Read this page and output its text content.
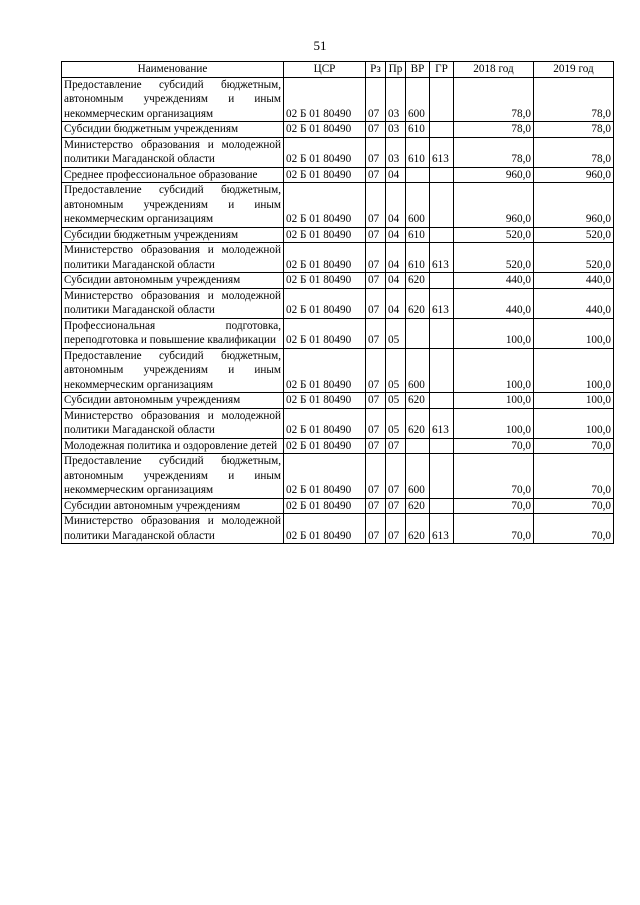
51
Наименование	ЦСР	Рз	Пр	ВР	ГР	2018 год	2019 год
Предоставление субсидий бюджетным, автономным учреждениям и иным некоммерческим организациям	02 Б 01 80490	07	03	600		78,0	78,0
Субсидии бюджетным учреждениям	02 Б 01 80490	07	03	610		78,0	78,0
Министерство образования и молодежной политики Магаданской области	02 Б 01 80490	07	03	610	613	78,0	78,0
Среднее профессиональное образование	02 Б 01 80490	07	04			960,0	960,0
Предоставление субсидий бюджетным, автономным учреждениям и иным некоммерческим организациям	02 Б 01 80490	07	04	600		960,0	960,0
Субсидии бюджетным учреждениям	02 Б 01 80490	07	04	610		520,0	520,0
Министерство образования и молодежной политики Магаданской области	02 Б 01 80490	07	04	610	613	520,0	520,0
Субсидии автономным учреждениям	02 Б 01 80490	07	04	620		440,0	440,0
Министерство образования и молодежной политики Магаданской области	02 Б 01 80490	07	04	620	613	440,0	440,0
Профессиональная подготовка, переподготовка и повышение квалификации	02 Б 01 80490	07	05			100,0	100,0
Предоставление субсидий бюджетным, автономным учреждениям и иным некоммерческим организациям	02 Б 01 80490	07	05	600		100,0	100,0
Субсидии автономным учреждениям	02 Б 01 80490	07	05	620		100,0	100,0
Министерство образования и молодежной политики Магаданской области	02 Б 01 80490	07	05	620	613	100,0	100,0
Молодежная политика и оздоровление детей	02 Б 01 80490	07	07			70,0	70,0
Предоставление субсидий бюджетным, автономным учреждениям и иным некоммерческим организациям	02 Б 01 80490	07	07	600		70,0	70,0
Субсидии автономным учреждениям	02 Б 01 80490	07	07	620		70,0	70,0
Министерство образования и молодежной политики Магаданской области	02 Б 01 80490	07	07	620	613	70,0	70,0
